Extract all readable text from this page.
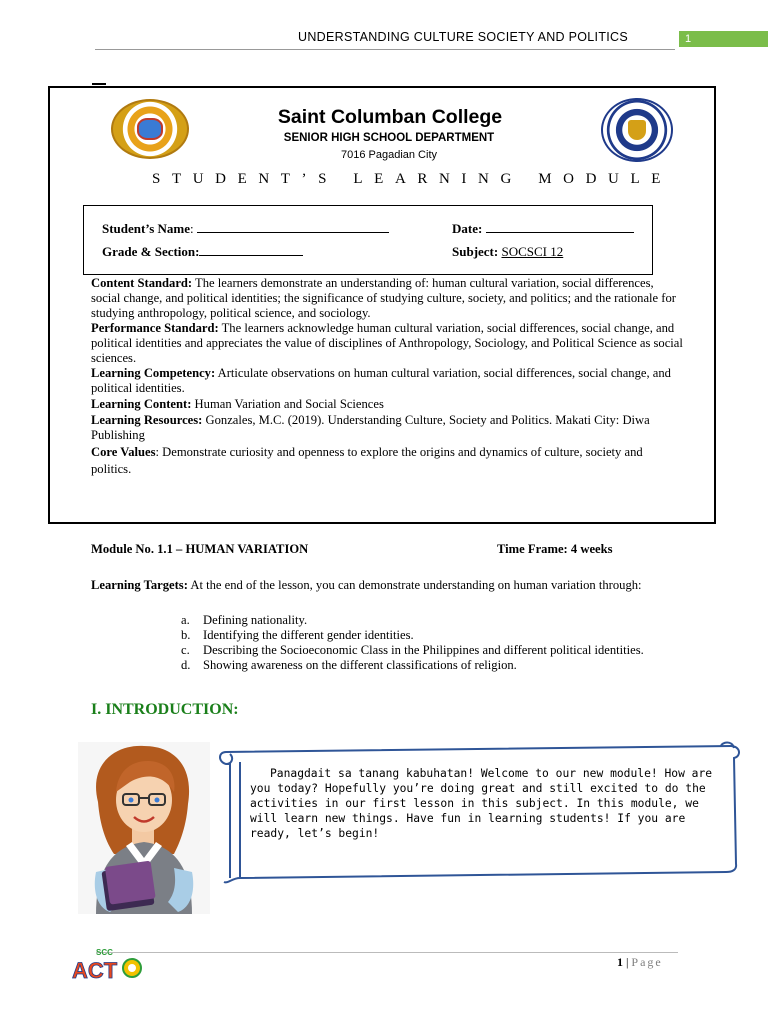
UNDERSTANDING CULTURE SOCIETY AND POLITICS	1
Saint Columban College
SENIOR HIGH SCHOOL DEPARTMENT
7016 Pagadian City
STUDENT’S LEARNING MODULE
Student’s Name:	Date:
Grade & Section:	Subject: SOCSCI 12

Content Standard: The learners demonstrate an understanding of: human cultural variation, social differences, social change, and political identities; the significance of studying culture, society, and politics; and the rationale for studying anthropology, political science, and sociology.

Performance Standard: The learners acknowledge human cultural variation, social differences, social change, and political identities and appreciates the value of disciplines of Anthropology, Sociology, and Political Science as social sciences.

Learning Competency: Articulate observations on human cultural variation, social differences, social change, and political identities.

Learning Content: Human Variation and Social Sciences

Learning Resources: Gonzales, M.C. (2019). Understanding Culture, Society and Politics. Makati City: Diwa Publishing

Core Values: Demonstrate curiosity and openness to explore the origins and dynamics of culture, society and politics.

Module No. 1.1 – HUMAN VARIATION	Time Frame: 4 weeks
Learning Targets: At the end of the lesson, you can demonstrate understanding on human variation through:
a.	Defining nationality.
b. Identifying the different gender identities.
c.	Describing the Socioeconomic Class in the Philippines and different political identities.
d. Showing awareness on the different classifications of religion.
I. INTRODUCTION:
Panagdait sa tanang kabuhatan! Welcome to our new module! How are you today? Hopefully you’re doing great and still excited to do the activities in our first lesson in this subject. In this module, we will learn new things. Have fun in learning students! If you are ready, let’s begin!
1 | Page
SCC
ACT
